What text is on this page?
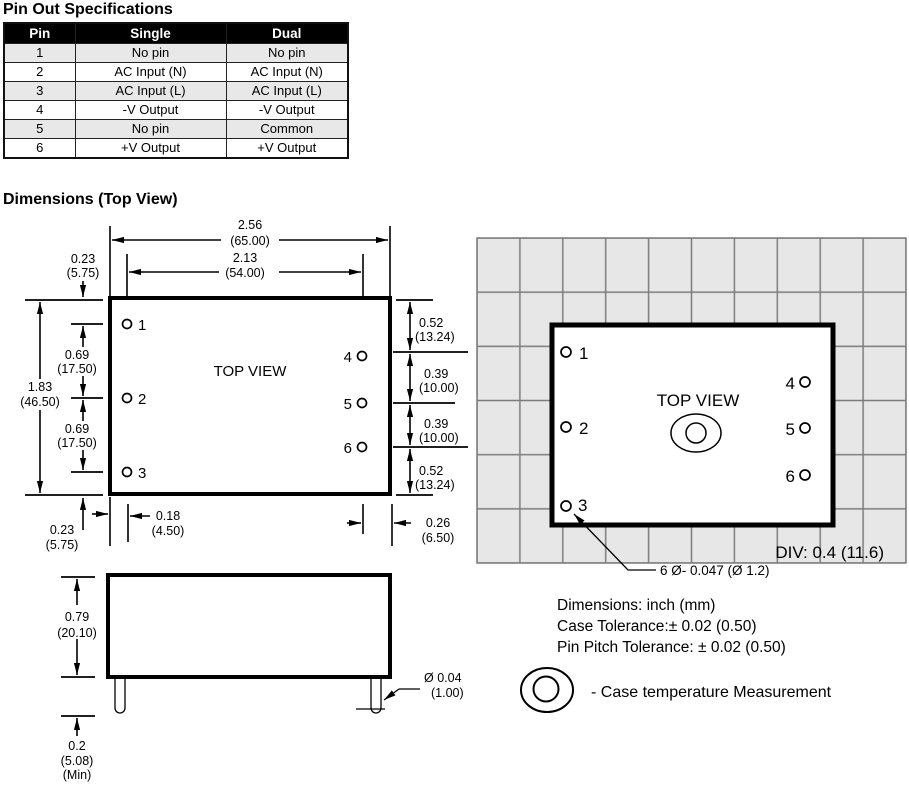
Pin Out Specifications
Pin	Single	Dual
1	No pin	No pin
2	AC Input (N)	AC Input (N)
3	AC Input (L)	AC Input (L)
4	-V Output	-V Output
5	No pin	Common
6	+V Output	+V Output
Dimensions (Top View)
2.56
(65.00)
2.13
(54.00)
0.23
(5.75)
1
2
3
4
5
6
TOP VIEW
1.83
(46.50)
0.69
(17.50)
0.69
(17.50)
0.23
(5.75)
0.18
(4.50)
0.52
(13.24)
0.39
(10.00)
0.39
(10.00)
0.52
(13.24)
0.26
(6.50)
0.79
(20.10)
0.2
(5.08)
(Min)
Ø 0.04
(1.00)
1
2
3
4
5
6
TOP VIEW
6 Ø- 0.047 (Ø 1.2)
DIV: 0.4 (11.6)
Dimensions: inch (mm)
Case Tolerance:± 0.02 (0.50)
Pin Pitch Tolerance: ± 0.02 (0.50)
- Case temperature Measurement
